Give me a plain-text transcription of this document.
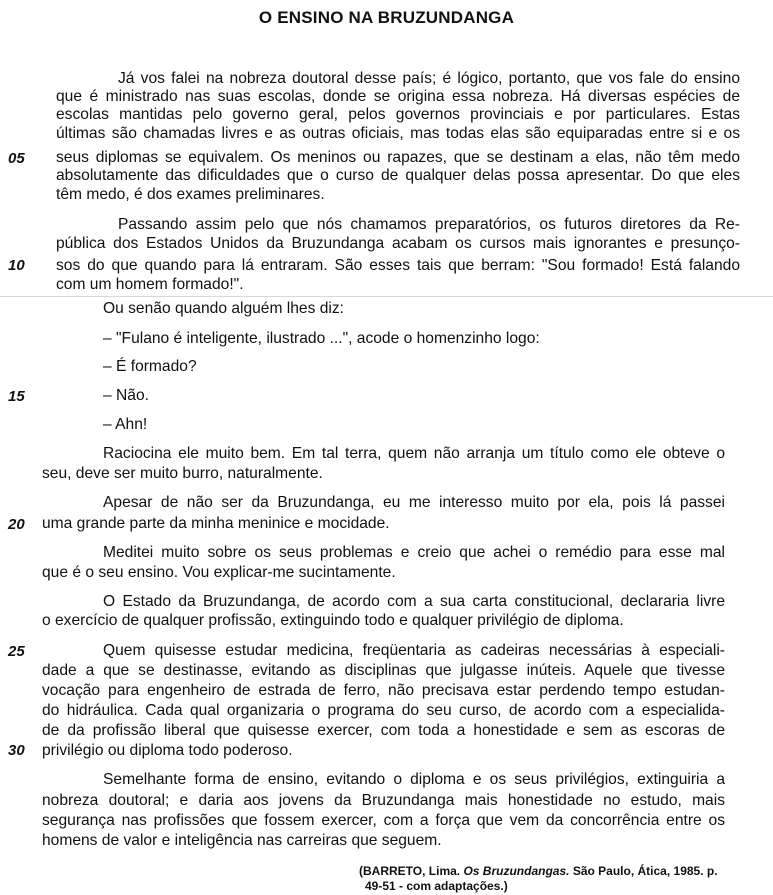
O ENSINO NA BRUZUNDANGA
05
10
15
20
25
30
Já vos falei na nobreza doutoral desse país; é lógico, portanto, que vos fale do ensino
que é ministrado nas suas escolas, donde se origina essa nobreza. Há diversas espécies de
escolas mantidas pelo governo geral, pelos governos provinciais e por particulares. Estas
últimas são chamadas livres e as outras oficiais, mas todas elas são equiparadas entre si e os
seus diplomas se equivalem. Os meninos ou rapazes, que se destinam a elas, não têm medo
absolutamente das dificuldades que o curso de qualquer delas possa apresentar. Do que eles
têm medo, é dos exames preliminares.
Passando assim pelo que nós chamamos preparatórios, os futuros diretores da Re-
pública dos Estados Unidos da Bruzundanga acabam os cursos mais ignorantes e presunço-
sos do que quando para lá entraram. São esses tais que berram: "Sou formado! Está falando
com um homem formado!".
Ou senão quando alguém lhes diz:
– "Fulano é inteligente, ilustrado ...", acode o homenzinho logo:
– É formado?
– Não.
– Ahn!
Raciocina ele muito bem. Em tal terra, quem não arranja um título como ele obteve o
seu, deve ser muito burro, naturalmente.
Apesar de não ser da Bruzundanga, eu me interesso muito por ela, pois lá passei
uma grande parte da minha meninice e mocidade.
Meditei muito sobre os seus problemas e creio que achei o remédio para esse mal
que é o seu ensino. Vou explicar-me sucintamente.
O Estado da Bruzundanga, de acordo com a sua carta constitucional, declararia livre
o exercício de qualquer profissão, extinguindo todo e qualquer privilégio de diploma.
Quem quisesse estudar medicina, freqüentaria as cadeiras necessárias à especiali-
dade a que se destinasse, evitando as disciplinas que julgasse inúteis. Aquele que tivesse
vocação para engenheiro de estrada de ferro, não precisava estar perdendo tempo estudan-
do hidráulica. Cada qual organizaria o programa do seu curso, de acordo com a especialida-
de da profissão liberal que quisesse exercer, com toda a honestidade e sem as escoras de
privilégio ou diploma todo poderoso.
Semelhante forma de ensino, evitando o diploma e os seus privilégios, extinguiria a
nobreza doutoral; e daria aos jovens da Bruzundanga mais honestidade no estudo, mais
segurança nas profissões que fossem exercer, com a força que vem da concorrência entre os
homens de valor e inteligência nas carreiras que seguem.
(BARRETO, Lima. Os Bruzundangas. São Paulo, Ática, 1985. p.
49-51 - com adaptações.)
